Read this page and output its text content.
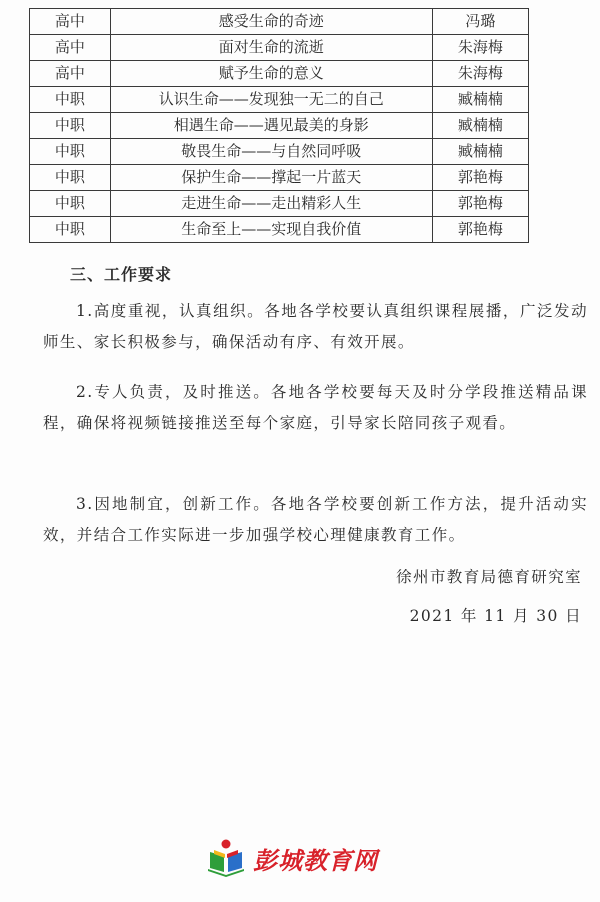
高中	感受生命的奇迹	冯璐
高中	面对生命的流逝	朱海梅
高中	赋予生命的意义	朱海梅
中职	认识生命——发现独一无二的自己	臧楠楠
中职	相遇生命——遇见最美的身影	臧楠楠
中职	敬畏生命——与自然同呼吸	臧楠楠
中职	保护生命——撑起一片蓝天	郭艳梅
中职	走进生命——走出精彩人生	郭艳梅
中职	生命至上——实现自我价值	郭艳梅
三、工作要求

1.高度重视，认真组织。各地各学校要认真组织课程展播，广泛发动师生、家长积极参与，确保活动有序、有效开展。

2.专人负责，及时推送。各地各学校要每天及时分学段推送精品课程，确保将视频链接推送至每个家庭，引导家长陪同孩子观看。

3.因地制宜，创新工作。各地各学校要创新工作方法，提升活动实效，并结合工作实际进一步加强学校心理健康教育工作。

徐州市教育局德育研究室

2021 年 11 月 30 日

彭城教育网
